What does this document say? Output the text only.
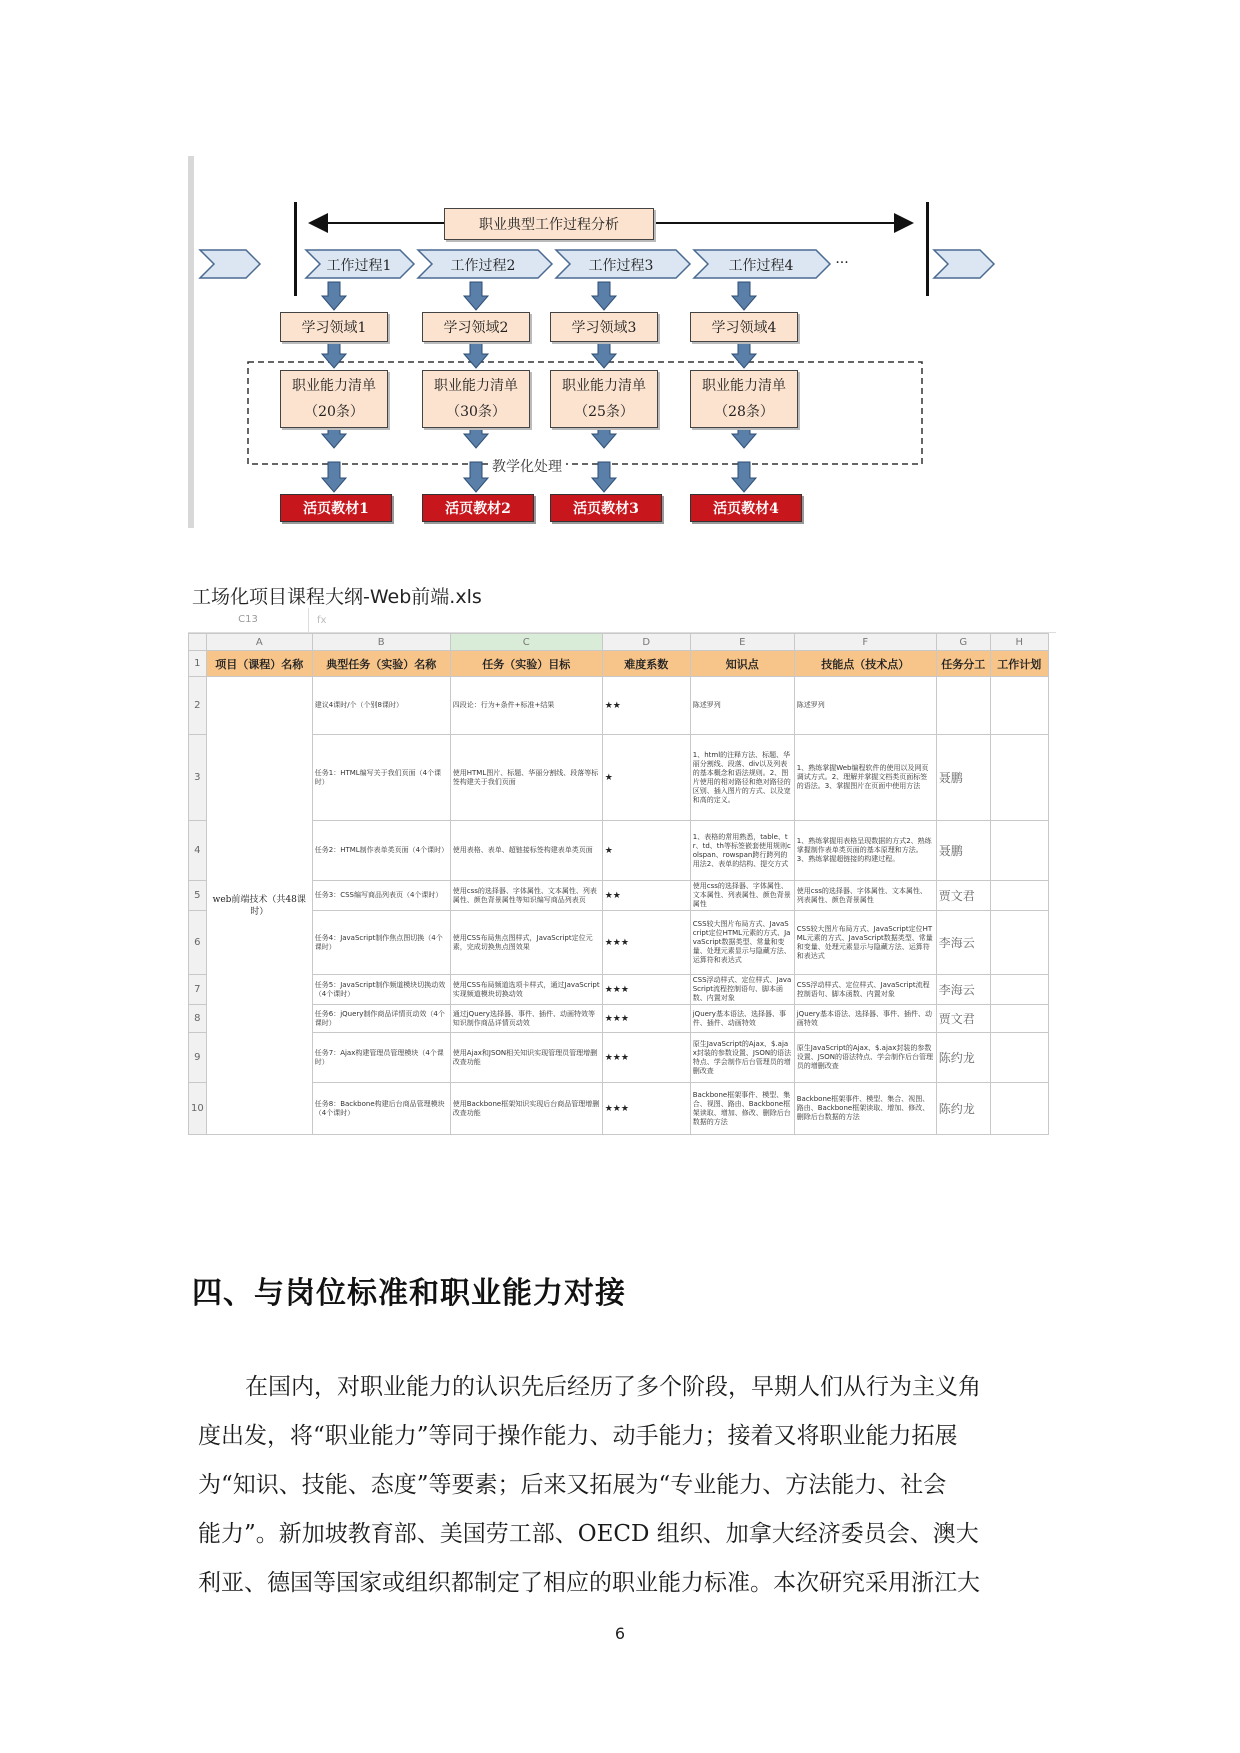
职业典型工作过程分析
工作过程1	工作过程2	工作过程3	工作过程4	···
学习领域1	学习领域2	学习领域3	学习领域4
职业能力清单
（20条）
职业能力清单
（30条）
职业能力清单
（25条）
职业能力清单
（28条）
教学化处理
活页教材1	活页教材2	活页教材3	活页教材4
工场化项目课程大纲-Web前端.xls
C13	fx
	A	B	C	D	E	F	G	H
1	项目（课程）名称	典型任务（实验）名称	任务（实验）目标	难度系数	知识点	技能点（技术点）	任务分工	工作计划
2	web前端技术（共48课时）	建议4课时/个（个别8课时）	四段论：行为+条件+标准+结果	★★	陈述罗列	陈述罗列		
3		任务1：HTML编写关于我们页面（4个课时）	使用HTML图片、标题、华丽分割线、段落等标签构建关于我们页面	★	1、html的注释方法、标题、华丽分割线、段落、div以及列表的基本概念和语法规则。2、图片使用的相对路径和绝对路径的区别、插入图片的方式、以及宽和高的定义。	1、熟练掌握Web编程软件的使用以及网页调试方式。2、理解并掌握文档类页面标签的语法。3、掌握图片在页面中使用方法	聂鹏	
4		任务2：HTML制作表单类页面（4个课时）	使用表格、表单、超链接标签构建表单类页面	★	1、表格的常用熟悉，table、tr、td、th等标签嵌套使用规则colspan、rowspan跨行跨列的用法2、表单的结构、提交方式	1、熟练掌握用表格呈现数据的方式2、熟练掌握制作表单类页面的基本原理和方法。3、熟练掌握超链接的构建过程。	聂鹏	
5		任务3：CSS编写商品列表页（4个课时）	使用css的选择器、字体属性、文本属性、列表属性、颜色背景属性等知识编写商品列表页	★★	使用css的选择器、字体属性、文本属性、列表属性、颜色背景属性	使用css的选择器、字体属性、文本属性、列表属性、颜色背景属性	贾文君	
6		任务4：JavaScript制作焦点图切换（4个课时）	使用CSS布局焦点图样式，JavaScript定位元素，完成切换焦点图效果	★★★	CSS较大图片布局方式、JavaScript定位HTML元素的方式、JavaScript数据类型、常量和变量、处理元素显示与隐藏方法、运算符和表达式	CSS较大图片布局方式、JavaScript定位HTML元素的方式、JavaScript数据类型、常量和变量、处理元素显示与隐藏方法、运算符和表达式	李海云	
7		任务5：JavaScript制作频道模块切换动效（4个课时）	使用CSS布局频道选项卡样式，通过JavaScript实现频道模块切换动效	★★★	CSS浮动样式、定位样式、JavaScript流程控制语句、脚本函数、内置对象	CSS浮动样式、定位样式、JavaScript流程控制语句、脚本函数、内置对象	李海云	
8		任务6：jQuery制作商品详情页动效（4个课时）	通过jQuery选择器、事件、插件、动画特效等知识制作商品详情页动效	★★★	jQuery基本语法、选择器、事件、插件、动画特效	jQuery基本语法、选择器、事件、插件、动画特效	贾文君	
9		任务7：Ajax构建管理员管理模块（4个课时）	使用Ajax和JSON相关知识实现管理员管理增删改查功能	★★★	原生JavaScript的Ajax、$.ajax封装的参数设置、JSON的语法特点、学会制作后台管理员的增删改查	原生JavaScript的Ajax、$.ajax封装的参数设置、JSON的语法特点、学会制作后台管理员的增删改查	陈约龙	
10		任务8：Backbone构建后台商品管理模块（4个课时）	使用Backbone框架知识实现后台商品管理增删改查功能	★★★	Backbone框架事件、模型、集合、视图、路由、Backbone框架读取、增加、修改、删除后台数据的方法	Backbone框架事件、模型、集合、视图、路由、Backbone框架读取、增加、修改、删除后台数据的方法	陈约龙	
四、与岗位标准和职业能力对接
在国内，对职业能力的认识先后经历了多个阶段，早期人们从行为主义角
度出发，将“职业能力”等同于操作能力、动手能力；接着又将职业能力拓展
为“知识、技能、态度”等要素；后来又拓展为“专业能力、方法能力、社会
能力”。新加坡教育部、美国劳工部、OECD 组织、加拿大经济委员会、澳大
利亚、德国等国家或组织都制定了相应的职业能力标准。本次研究采用浙江大
6
